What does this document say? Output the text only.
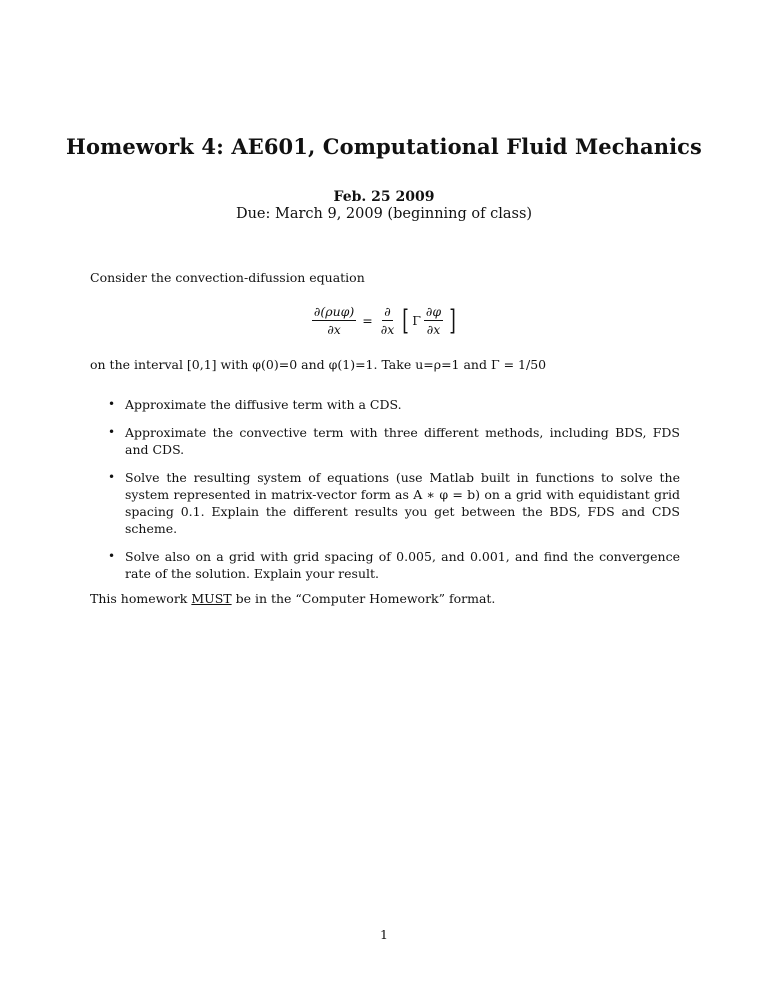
Homework 4: AE601, Computational Fluid Mechanics
Feb. 25 2009
Due: March 9, 2009 (beginning of class)
Consider the convection-difussion equation
$\frac{\text{∂(ρuφ)}}{\partial x} = \frac{\partial}{\partial x}$ [ Γ $\frac{\partial\varphi}{\partial x}$ ]
on the interval [0,1] with φ(0)=0 and φ(1)=1. Take u=ρ=1 and Γ = 1/50
• Approximate the diffusive term with a CDS.
• Approximate the convective term with three different methods, including BDS, FDS and CDS.
• Solve the resulting system of equations (use Matlab built in functions to solve the system represented in matrix-vector form as A ∗ φ = b) on a grid with equidistant grid spacing 0.1. Explain the different results you get between the BDS, FDS and CDS scheme.
• Solve also on a grid with grid spacing of 0.005, and 0.001, and find the convergence rate of the solution. Explain your result.
This homework MUST be in the “Computer Homework” format.
1
